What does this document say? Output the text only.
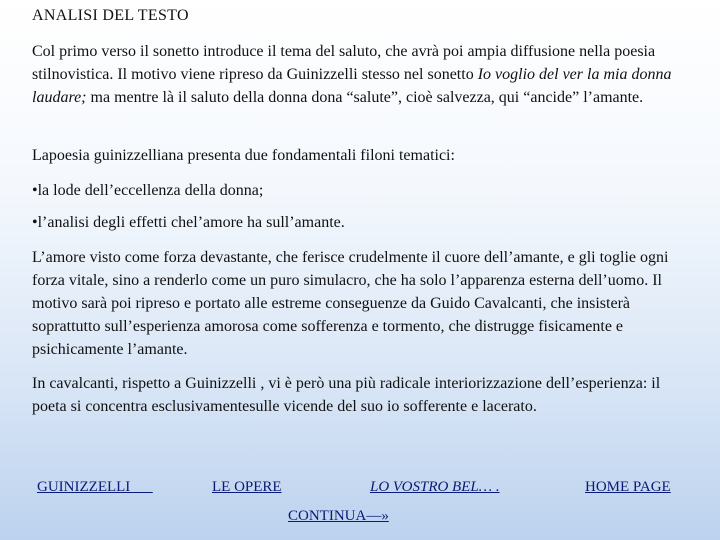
ANALISI DEL TESTO

Col primo verso il sonetto introduce il tema del saluto, che avrà poi ampia diffusione nella poesia stilnovistica. Il motivo viene ripreso da Guinizzelli stesso nel sonetto Io voglio del ver la mia donna laudare; ma mentre là il saluto della donna dona “salute”, cioè salvezza, qui “ancide” l’amante.

Lapoesia guinizzelliana presenta due fondamentali filoni tematici:

•la lode dell’eccellenza della donna;

•l’analisi degli effetti chel’amore ha sull’amante.

L’amore visto come forza devastante, che ferisce crudelmente il cuore dell’amante, e gli toglie ogni forza vitale, sino a renderlo come un puro simulacro, che ha solo l’apparenza esterna dell’uomo. Il motivo sarà poi ripreso e portato alle estreme conseguenze da Guido Cavalcanti, che insisterà soprattutto sull’esperienza amorosa come sofferenza e tormento, che distrugge fisicamente e psichicamente l’amante.

In cavalcanti, rispetto a Guinizzelli , vi è però una più radicale interiorizzazione dell’esperienza: il poeta si concentra esclusivamentesulle vicende del suo io sofferente e lacerato.

GUINIZZELLI	LE OPERE	LO VOSTRO BEL… .	HOME PAGE
CONTINUA—»
